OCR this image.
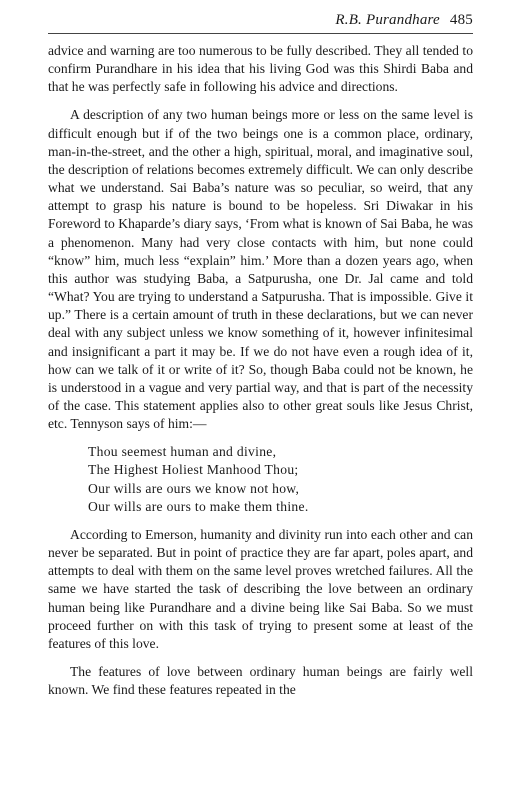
R.B. Purandhare 485

advice and warning are too numerous to be fully described. They all tended to confirm Purandhare in his idea that his living God was this Shirdi Baba and that he was perfectly safe in following his advice and directions.

A description of any two human beings more or less on the same level is difficult enough but if of the two beings one is a common place, ordinary, man-in-the-street, and the other a high, spiritual, moral, and imaginative soul, the description of relations becomes extremely difficult. We can only describe what we understand. Sai Baba’s nature was so peculiar, so weird, that any attempt to grasp his nature is bound to be hopeless. Sri Diwakar in his Foreword to Khaparde’s diary says, ‘From what is known of Sai Baba, he was a phenomenon. Many had very close contacts with him, but none could “know” him, much less “explain” him.’ More than a dozen years ago, when this author was studying Baba, a Satpurusha, one Dr. Jal came and told “What? You are trying to understand a Satpurusha. That is impossible. Give it up.” There is a certain amount of truth in these declarations, but we can never deal with any subject unless we know something of it, however infinitesimal and insignificant a part it may be. If we do not have even a rough idea of it, how can we talk of it or write of it? So, though Baba could not be known, he is understood in a vague and very partial way, and that is part of the necessity of the case. This statement applies also to other great souls like Jesus Christ, etc. Tennyson says of him:—

Thou seemest human and divine,
The Highest Holiest Manhood Thou;
Our wills are ours we know not how,
Our wills are ours to make them thine.

According to Emerson, humanity and divinity run into each other and can never be separated. But in point of practice they are far apart, poles apart, and attempts to deal with them on the same level proves wretched failures. All the same we have started the task of describing the love between an ordinary human being like Purandhare and a divine being like Sai Baba. So we must proceed further on with this task of trying to present some at least of the features of this love.

The features of love between ordinary human beings are fairly well known. We find these features repeated in the
